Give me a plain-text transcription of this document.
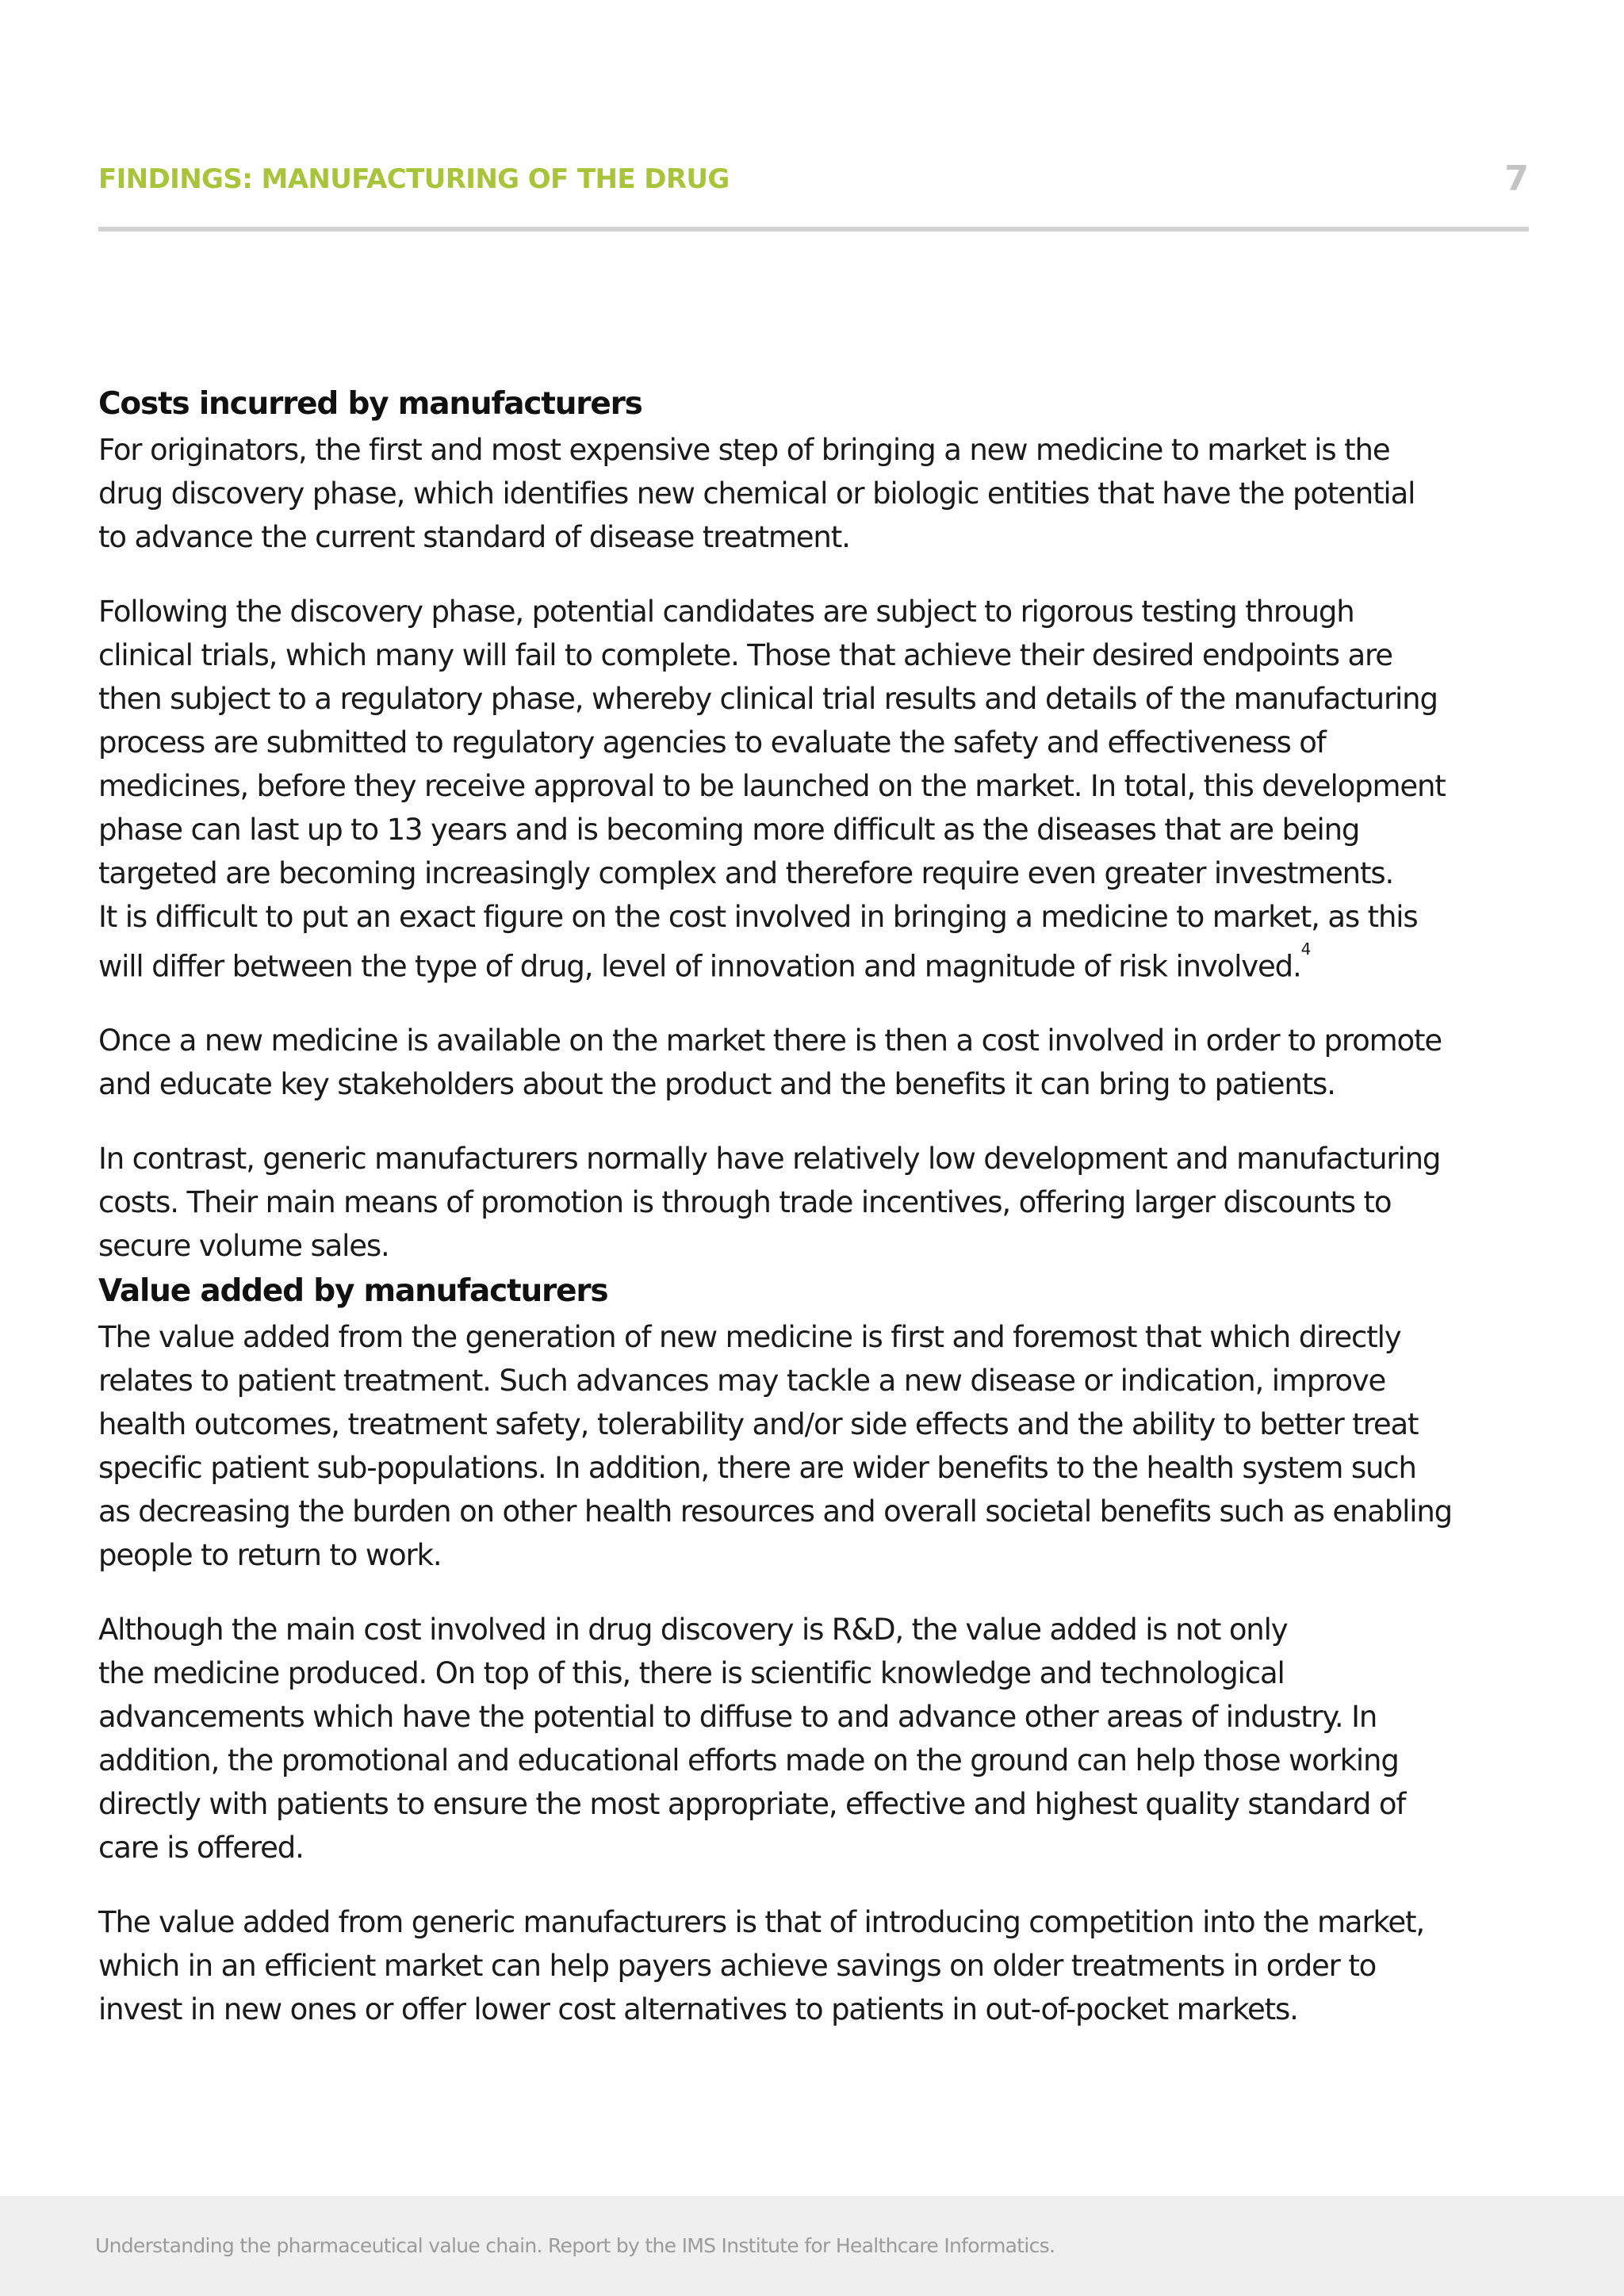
FINDINGS: MANUFACTURING OF THE DRUG	7
Costs incurred by manufacturers

For originators, the first and most expensive step of bringing a new medicine to market is the
drug discovery phase, which identifies new chemical or biologic entities that have the potential
to advance the current standard of disease treatment.

Following the discovery phase, potential candidates are subject to rigorous testing through
clinical trials, which many will fail to complete. Those that achieve their desired endpoints are
then subject to a regulatory phase, whereby clinical trial results and details of the manufacturing
process are submitted to regulatory agencies to evaluate the safety and effectiveness of
medicines, before they receive approval to be launched on the market. In total, this development
phase can last up to 13 years and is becoming more difficult as the diseases that are being
targeted are becoming increasingly complex and therefore require even greater investments.
It is difficult to put an exact figure on the cost involved in bringing a medicine to market, as this
will differ between the type of drug, level of innovation and magnitude of risk involved.$^4$

Once a new medicine is available on the market there is then a cost involved in order to promote
and educate key stakeholders about the product and the benefits it can bring to patients.

In contrast, generic manufacturers normally have relatively low development and manufacturing
costs. Their main means of promotion is through trade incentives, offering larger discounts to
secure volume sales.

Value added by manufacturers

The value added from the generation of new medicine is first and foremost that which directly
relates to patient treatment. Such advances may tackle a new disease or indication, improve
health outcomes, treatment safety, tolerability and/or side effects and the ability to better treat
specific patient sub-populations. In addition, there are wider benefits to the health system such
as decreasing the burden on other health resources and overall societal benefits such as enabling
people to return to work.

Although the main cost involved in drug discovery is R&D, the value added is not only
the medicine produced. On top of this, there is scientific knowledge and technological
advancements which have the potential to diffuse to and advance other areas of industry. In
addition, the promotional and educational efforts made on the ground can help those working
directly with patients to ensure the most appropriate, effective and highest quality standard of
care is offered.

The value added from generic manufacturers is that of introducing competition into the market,
which in an efficient market can help payers achieve savings on older treatments in order to
invest in new ones or offer lower cost alternatives to patients in out-of-pocket markets.

Understanding the pharmaceutical value chain. Report by the IMS Institute for Healthcare Informatics.
